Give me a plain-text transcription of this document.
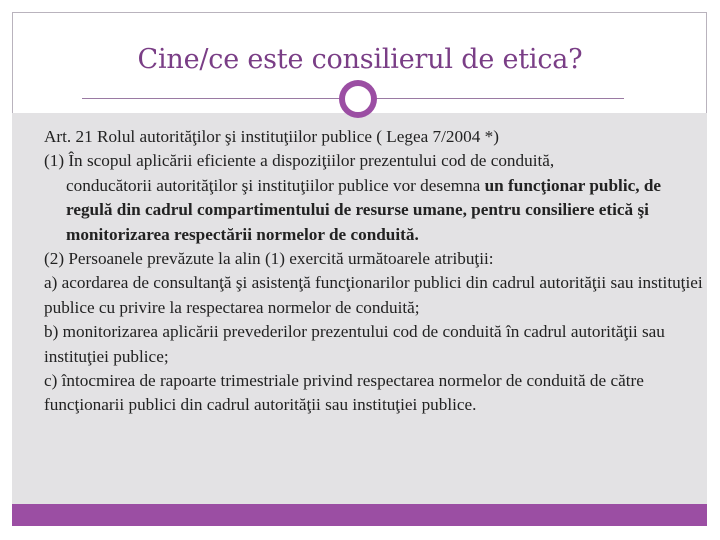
Cine/ce este consilierul de etica?

Art. 21 Rolul autorităţilor şi instituţiilor publice ( Legea 7/2004 *)

(1) În scopul aplicării eficiente a dispoziţiilor prezentului cod de conduită,

conducătorii autorităţilor şi instituţiilor publice vor desemna un funcţionar public, de regulă din cadrul compartimentului de resurse umane, pentru consiliere etică şi monitorizarea respectării normelor de conduită.

(2) Persoanele prevăzute la alin (1) exercită următoarele atribuţii:

a) acordarea de consultanţă şi asistenţă funcţionarilor publici din cadrul autorităţii sau instituţiei publice cu privire la respectarea normelor de conduită;

b) monitorizarea aplicării prevederilor prezentului cod de conduită în cadrul autorităţii sau instituţiei publice;

c) întocmirea de rapoarte trimestriale privind respectarea normelor de conduită de către funcţionarii publici din cadrul autorităţii sau instituţiei publice.
